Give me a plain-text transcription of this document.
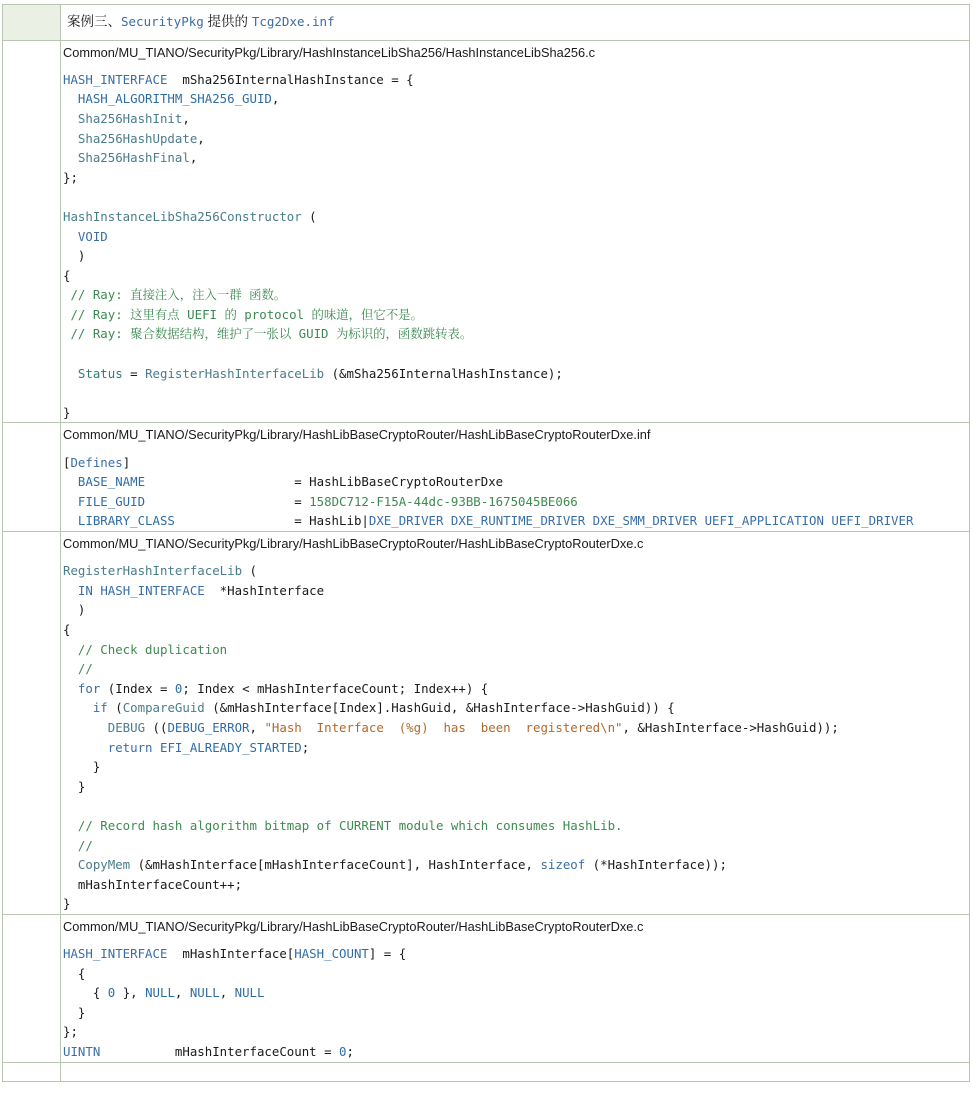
	案例三、SecurityPkg 提供的 Tcg2Dxe.inf

Common/MU_TIANO/SecurityPkg/Library/HashInstanceLibSha256/HashInstanceLibSha256.c
HASH_INTERFACE  mSha256InternalHashInstance = {
HASH_ALGORITHM_SHA256_GUID,
Sha256HashInit,
Sha256HashUpdate,
Sha256HashFinal,
};

HashInstanceLibSha256Constructor (
VOID
)
{
// Ray: 直接注入，注入一群 函数。
// Ray: 这里有点 UEFI 的 protocol 的味道，但它不是。
// Ray: 聚合数据结构，维护了一张以 GUID 为标识的，函数跳转表。

Status = RegisterHashInterfaceLib (&mSha256InternalHashInstance);

}

Common/MU_TIANO/SecurityPkg/Library/HashLibBaseCryptoRouter/HashLibBaseCryptoRouterDxe.inf
[Defines]
BASE_NAME                    = HashLibBaseCryptoRouterDxe
FILE_GUID                    = 158DC712-F15A-44dc-93BB-1675045BE066
LIBRARY_CLASS                = HashLib|DXE_DRIVER DXE_RUNTIME_DRIVER DXE_SMM_DRIVER UEFI_APPLICATION UEFI_DRIVER

Common/MU_TIANO/SecurityPkg/Library/HashLibBaseCryptoRouter/HashLibBaseCryptoRouterDxe.c
RegisterHashInterfaceLib (
IN HASH_INTERFACE  *HashInterface
)
{
// Check duplication
//
for (Index = 0; Index < mHashInterfaceCount; Index++) {
if (CompareGuid (&mHashInterface[Index].HashGuid, &HashInterface->HashGuid)) {
DEBUG ((DEBUG_ERROR, "Hash  Interface  (%g)  has  been  registered\n", &HashInterface->HashGuid));
return EFI_ALREADY_STARTED;
}
}

// Record hash algorithm bitmap of CURRENT module which consumes HashLib.
//
CopyMem (&mHashInterface[mHashInterfaceCount], HashInterface, sizeof (*HashInterface));
mHashInterfaceCount++;
}

Common/MU_TIANO/SecurityPkg/Library/HashLibBaseCryptoRouter/HashLibBaseCryptoRouterDxe.c
HASH_INTERFACE  mHashInterface[HASH_COUNT] = {
{
{ 0 }, NULL, NULL, NULL
}
};
UINTN          mHashInterfaceCount = 0;
